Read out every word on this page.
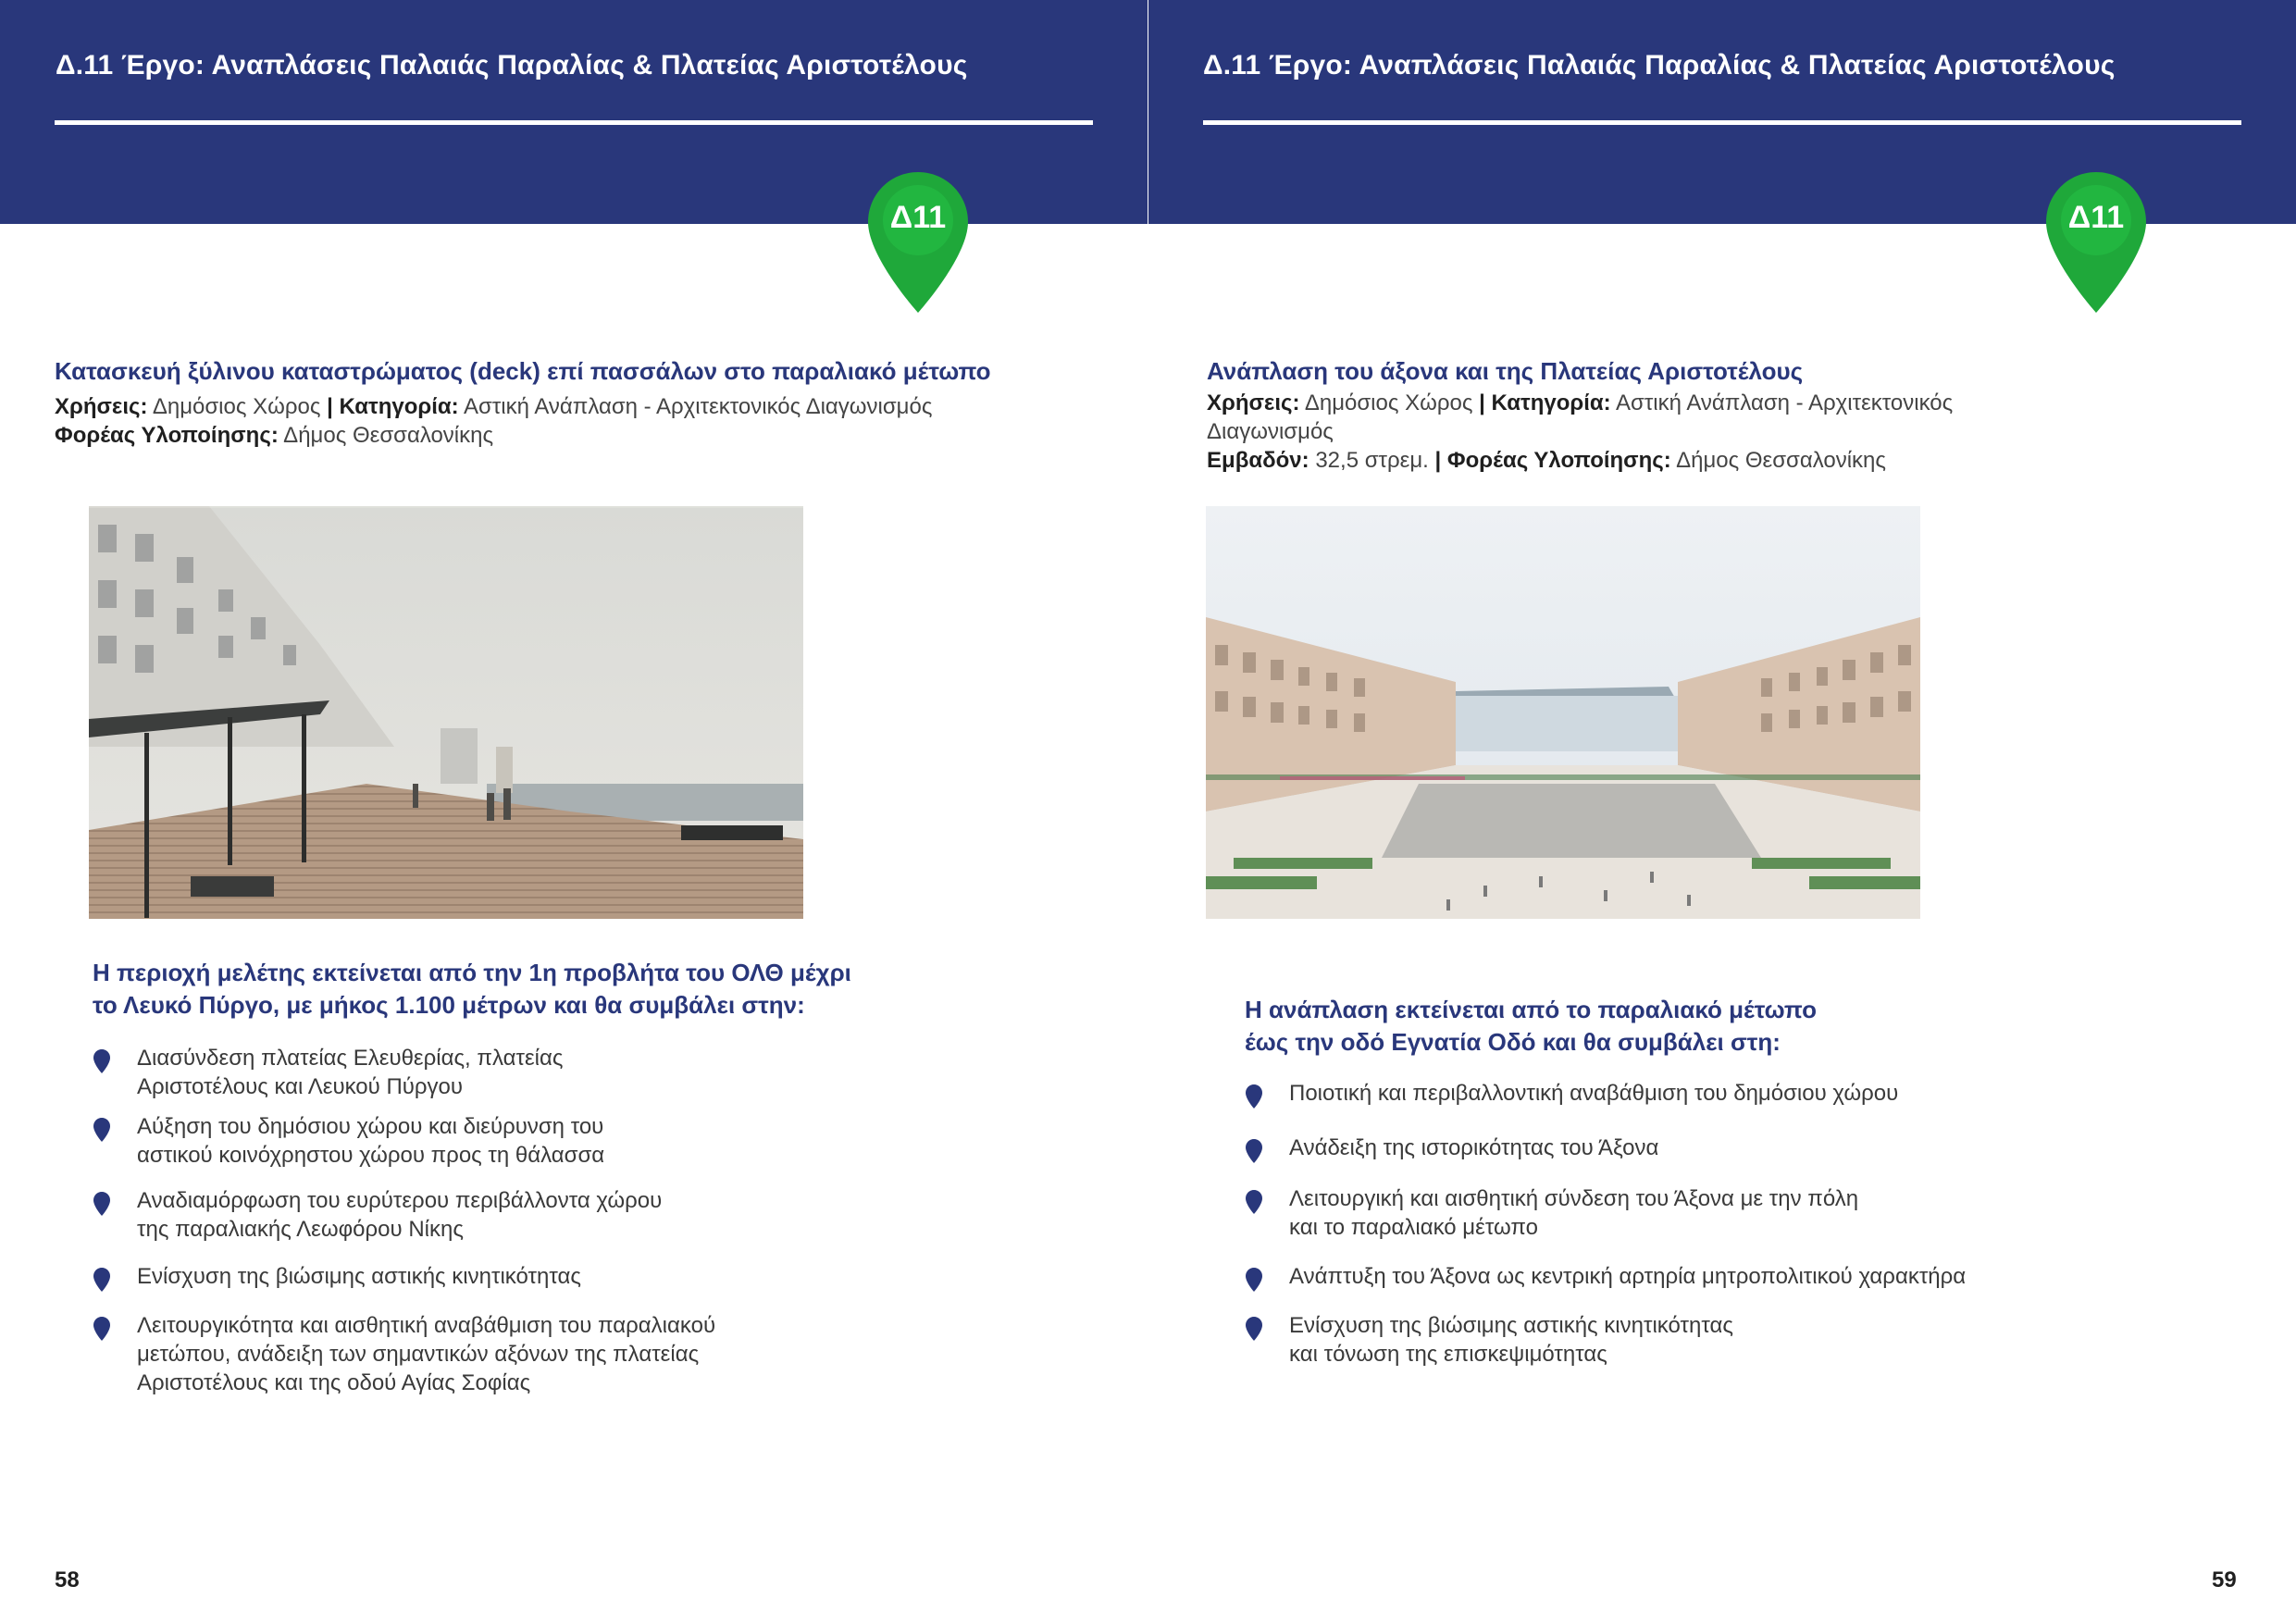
Δ.11 Έργο: Αναπλάσεις Παλαιάς Παραλίας & Πλατείας Αριστοτέλους
Δ11
Κατασκευή ξύλινου καταστρώματος (deck) επί πασσάλων στο παραλιακό μέτωπο

Χρήσεις: Δημόσιος Χώρος | Κατηγορία: Αστική Ανάπλαση - Αρχιτεκτονικός Διαγωνισμός Φορέας Υλοποίησης: Δήμος Θεσσαλονίκης

Η περιοχή μελέτης εκτείνεται από την 1η προβλήτα του ΟΛΘ μέχρι
το Λευκό Πύργο, με μήκος 1.100 μέτρων και θα συμβάλει στην:
Διασύνδεση πλατείας Ελευθερίας, πλατείας
Αριστοτέλους και Λευκού Πύργου
Αύξηση του δημόσιου χώρου και διεύρυνση του
αστικού κοινόχρηστου χώρου προς τη θάλασσα
Αναδιαμόρφωση του ευρύτερου περιβάλλοντα χώρου
της παραλιακής Λεωφόρου Νίκης
Ενίσχυση της βιώσιμης αστικής κινητικότητας
Λειτουργικότητα και αισθητική αναβάθμιση του παραλιακού
μετώπου, ανάδειξη των σημαντικών αξόνων της πλατείας
Αριστοτέλους και της οδού Αγίας Σοφίας
58
Δ.11 Έργο: Αναπλάσεις Παλαιάς Παραλίας & Πλατείας Αριστοτέλους
Δ11
Ανάπλαση του άξονα και της Πλατείας Αριστοτέλους
Χρήσεις: Δημόσιος Χώρος | Κατηγορία: Αστική Ανάπλαση - Αρχιτεκτονικός
Διαγωνισμός
Εμβαδόν: 32,5 στρεμ. | Φορέας Υλοποίησης: Δήμος Θεσσαλονίκης
Η ανάπλαση εκτείνεται από το παραλιακό μέτωπο
έως την οδό Εγνατία Οδό και θα συμβάλει στη:
Ποιοτική και περιβαλλοντική αναβάθμιση του δημόσιου χώρου
Ανάδειξη της ιστορικότητας του Άξονα
Λειτουργική και αισθητική σύνδεση του Άξονα με την πόλη
και το παραλιακό μέτωπο
Ανάπτυξη του Άξονα ως κεντρική αρτηρία μητροπολιτικού χαρακτήρα
Ενίσχυση της βιώσιμης αστικής κινητικότητας
και τόνωση της επισκεψιμότητας
59
